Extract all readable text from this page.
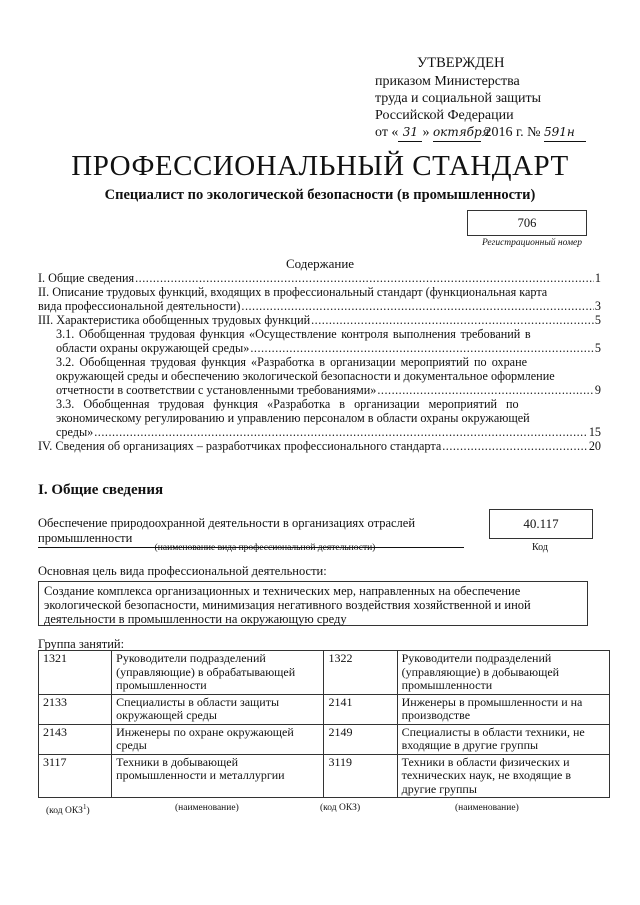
УТВЕРЖДЕН
приказом Министерства
труда и социальной защиты
Российской Федерации
от « 31 » октября 2016 г. № 591н
ПРОФЕССИОНАЛЬНЫЙ СТАНДАРТ
Специалист по экологической безопасности (в промышленности)
706
Регистрационный номер
Содержание
I. Общие сведения .....	1
II. Описание трудовых функций, входящих в профессиональный стандарт (функциональная карта
вида профессиональной деятельности) .....	3
III. Характеристика обобщенных трудовых функций .....	5
3.1. Обобщенная трудовая функция «Осуществление контроля выполнения требований в
области охраны окружающей среды» .....	5
3.2. Обобщенная трудовая функция «Разработка в организации мероприятий по охране
окружающей среды и обеспечению экологической безопасности и документальное оформление
отчетности в соответствии с установленными требованиями» .....	9
3.3. Обобщенная трудовая функция «Разработка в организации мероприятий по
экономическому регулированию и управлению персоналом в области охраны окружающей
среды» .....	15
IV. Сведения об организациях – разработчиках профессионального стандарта .....	20
I. Общие сведения
Обеспечение природоохранной деятельности в организациях отраслей промышленности
(наименование вида профессиональной деятельности)
40.117
Код
Основная цель вида профессиональной деятельности:
Создание комплекса организационных и технических мер, направленных на обеспечение экологической безопасности, минимизация негативного воздействия хозяйственной и иной деятельности в промышленности на окружающую среду
Группа занятий:
1321	Руководители подразделений (управляющие) в обрабатывающей промышленности	1322	Руководители подразделений (управляющие) в добывающей промышленности
2133	Специалисты в области защиты окружающей среды	2141	Инженеры в промышленности и на производстве
2143	Инженеры по охране окружающей среды	2149	Специалисты в области техники, не входящие в другие группы
3117	Техники в добывающей промышленности и металлургии	3119	Техники в области физических и технических наук, не входящие в другие группы
(код ОКЗ$^1$)	(наименование)	(код ОКЗ)	(наименование)
